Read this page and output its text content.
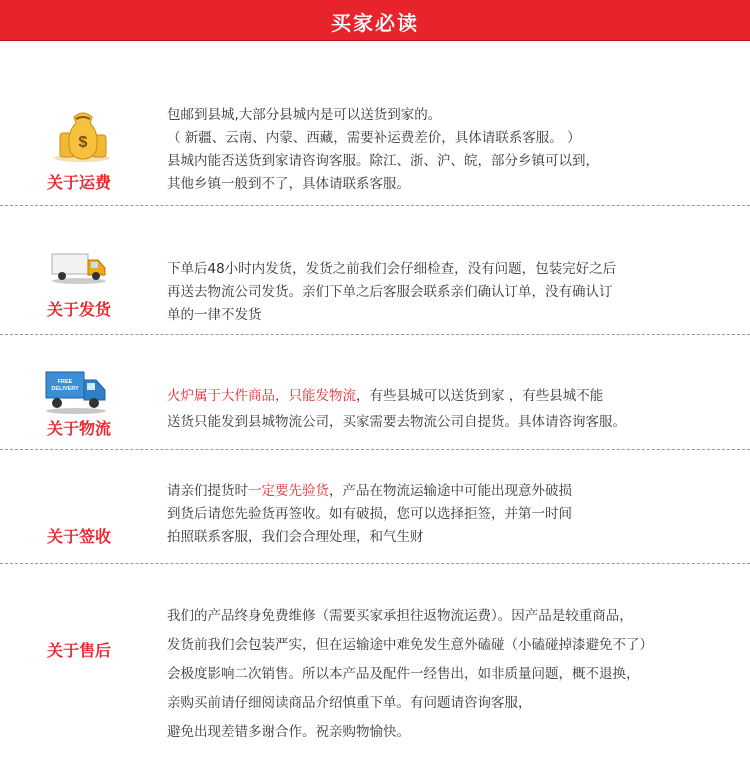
买家必读
$
关于运费

包邮到县城,大部分县城内是可以送货到家的。

（ 新疆、云南、内蒙、西藏，需要补运费差价，具体请联系客服。 ）

县城内能否送货到家请咨询客服。除江、浙、沪、皖，部分乡镇可以到，

其他乡镇一般到不了，具体请联系客服。

关于发货

下单后48小时内发货，发货之前我们会仔细检查，没有问题，包装完好之后

再送去物流公司发货。亲们下单之后客服会联系亲们确认订单，没有确认订

单的一律不发货

FREE
DELIVERY
关于物流

火炉属于大件商品，只能发物流，有些县城可以送货到家 ，有些县城不能

送货只能发到县城物流公司，买家需要去物流公司自提货。具体请咨询客服。

关于签收

请亲们提货时一定要先验货，产品在物流运输途中可能出现意外破损

到货后请您先验货再签收。如有破损，您可以选择拒签，并第一时间

拍照联系客服，我们会合理处理，和气生财

关于售后

我们的产品终身免费维修（需要买家承担往返物流运费）。因产品是较重商品，

发货前我们会包装严实，但在运输途中难免发生意外磕碰（小磕碰掉漆避免不了）

会极度影响二次销售。所以本产品及配件一经售出，如非质量问题，概不退换，

亲购买前请仔细阅读商品介绍慎重下单。有问题请咨询客服，

避免出现差错多谢合作。祝亲购物愉快。
